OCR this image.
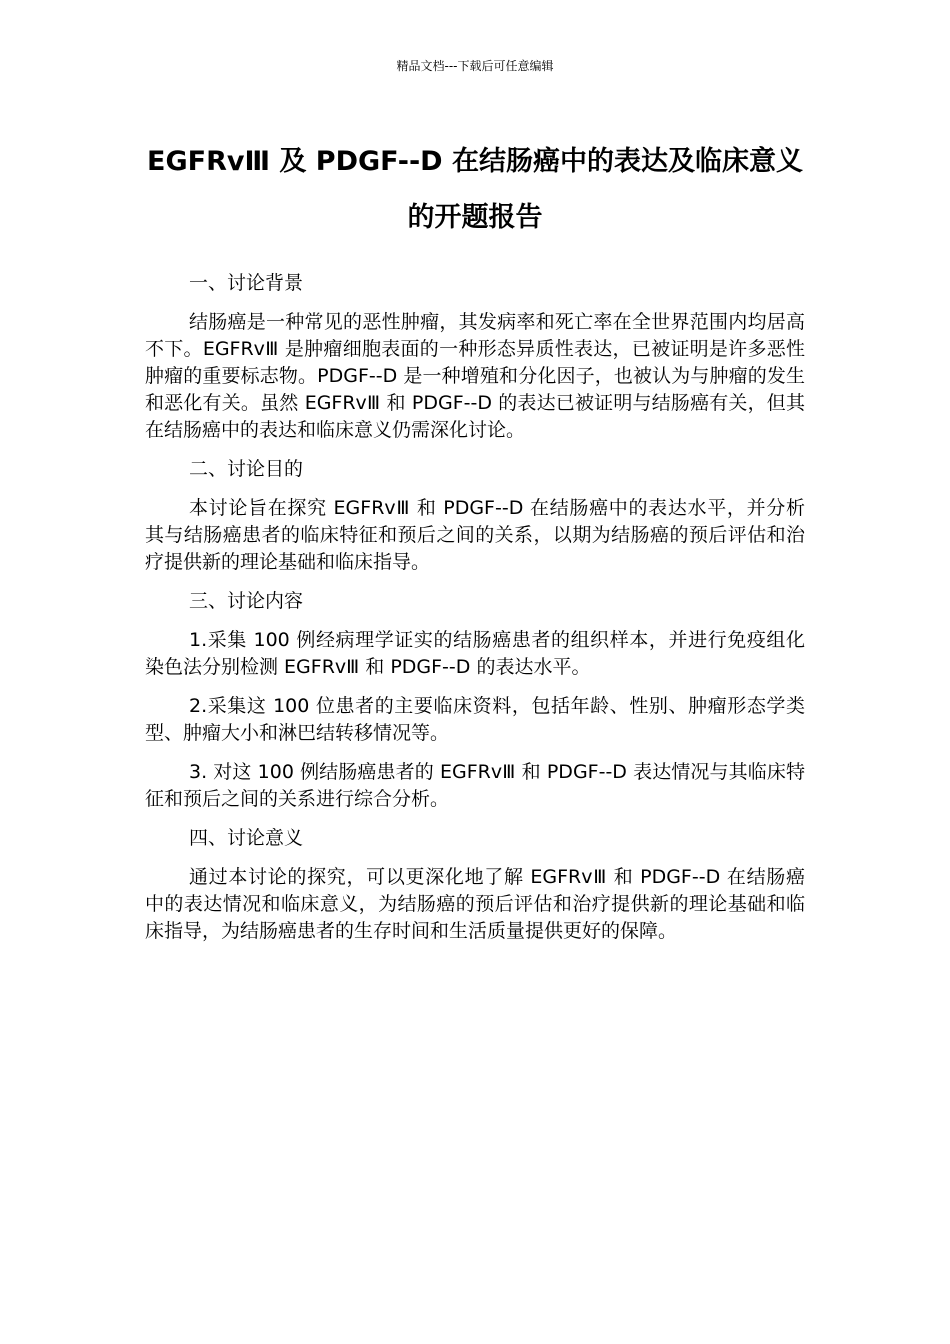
精品文档---下载后可任意编辑
EGFRvⅢ 及 PDGF--D 在结肠癌中的表达及临床意义
的开题报告

一、讨论背景

结肠癌是一种常见的恶性肿瘤，其发病率和死亡率在全世界范围内均居高不下。EGFRvⅢ 是肿瘤细胞表面的一种形态异质性表达，已被证明是许多恶性肿瘤的重要标志物。PDGF--D 是一种增殖和分化因子，也被认为与肿瘤的发生和恶化有关。虽然 EGFRvⅢ 和 PDGF--D 的表达已被证明与结肠癌有关，但其在结肠癌中的表达和临床意义仍需深化讨论。

二、讨论目的

本讨论旨在探究 EGFRvⅢ 和 PDGF--D 在结肠癌中的表达水平，并分析其与结肠癌患者的临床特征和预后之间的关系，以期为结肠癌的预后评估和治疗提供新的理论基础和临床指导。

三、讨论内容

1.采集 100 例经病理学证实的结肠癌患者的组织样本，并进行免疫组化染色法分别检测 EGFRvⅢ 和 PDGF--D 的表达水平。

2.采集这 100 位患者的主要临床资料，包括年龄、性别、肿瘤形态学类型、肿瘤大小和淋巴结转移情况等。

3. 对这 100 例结肠癌患者的 EGFRvⅢ 和 PDGF--D 表达情况与其临床特征和预后之间的关系进行综合分析。

四、讨论意义

通过本讨论的探究，可以更深化地了解 EGFRvⅢ 和 PDGF--D 在结肠癌中的表达情况和临床意义，为结肠癌的预后评估和治疗提供新的理论基础和临床指导，为结肠癌患者的生存时间和生活质量提供更好的保障。
